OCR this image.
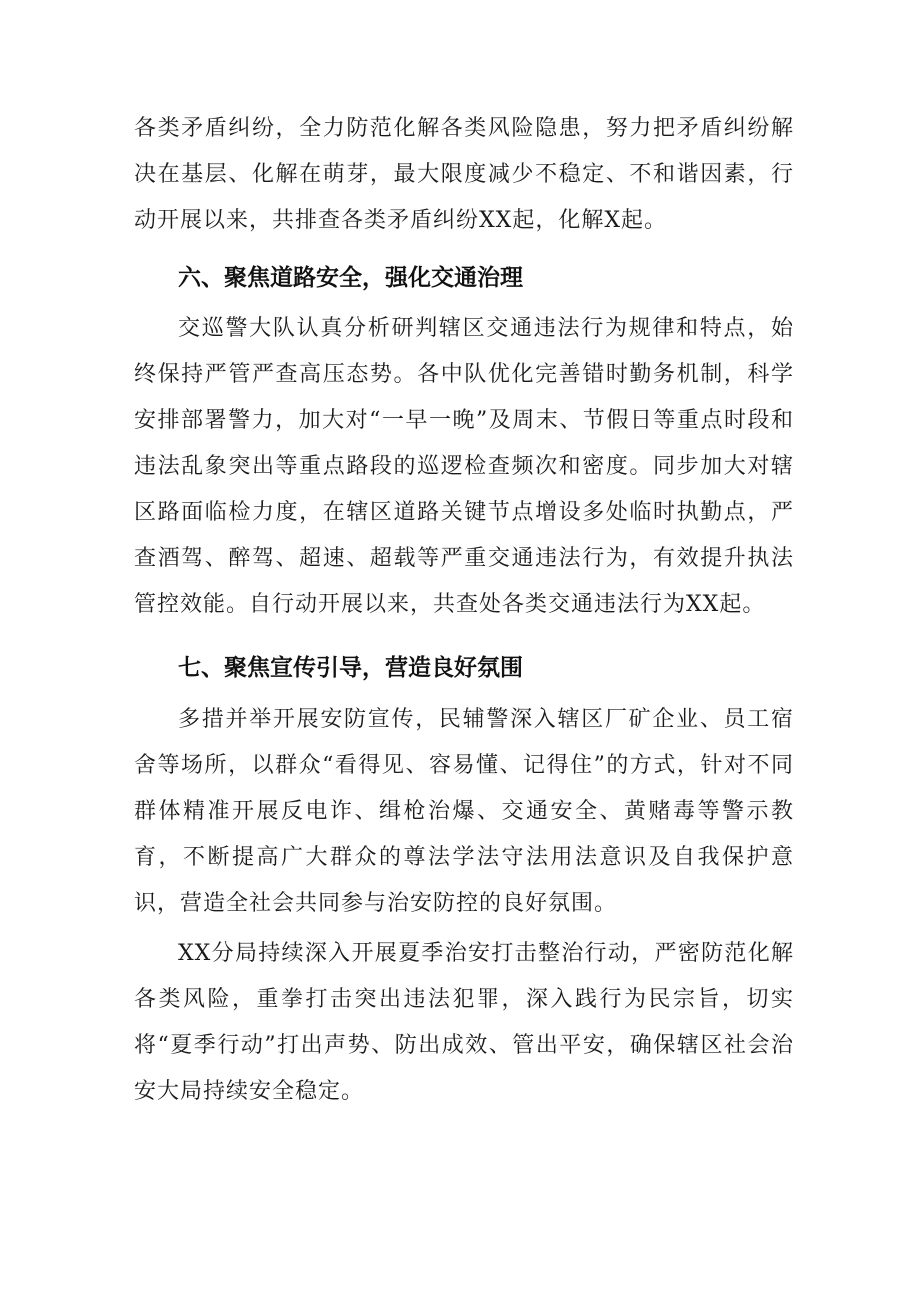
各类矛盾纠纷，全力防范化解各类风险隐患，努力把矛盾纠纷解决在基层、化解在萌芽，最大限度减少不稳定、不和谐因素，行动开展以来，共排查各类矛盾纠纷XX起，化解X起。

六、聚焦道路安全，强化交通治理

交巡警大队认真分析研判辖区交通违法行为规律和特点，始终保持严管严查高压态势。各中队优化完善错时勤务机制，科学安排部署警力，加大对“一早一晚”及周末、节假日等重点时段和违法乱象突出等重点路段的巡逻检查频次和密度。同步加大对辖区路面临检力度，在辖区道路关键节点增设多处临时执勤点，严查酒驾、醉驾、超速、超载等严重交通违法行为，有效提升执法管控效能。自行动开展以来，共查处各类交通违法行为XX起。

七、聚焦宣传引导，营造良好氛围

多措并举开展安防宣传，民辅警深入辖区厂矿企业、员工宿舍等场所，以群众“看得见、容易懂、记得住”的方式，针对不同群体精准开展反电诈、缉枪治爆、交通安全、黄赌毒等警示教育，不断提高广大群众的尊法学法守法用法意识及自我保护意识，营造全社会共同参与治安防控的良好氛围。

XX分局持续深入开展夏季治安打击整治行动，严密防范化解各类风险，重拳打击突出违法犯罪，深入践行为民宗旨，切实将“夏季行动”打出声势、防出成效、管出平安，确保辖区社会治安大局持续安全稳定。
